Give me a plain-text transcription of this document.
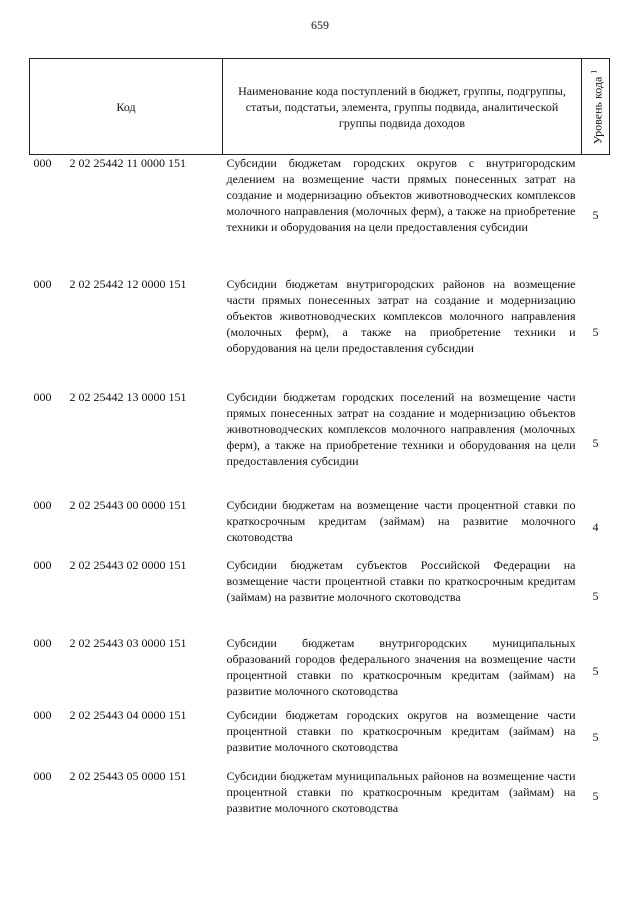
659
Код	Наименование кода поступлений в бюджет, группы, подгруппы, статьи, подстатьи, элемента, группы подвида, аналитической группы подвида доходов	Уровень кода $^1$

000 2 02 25442 11 0000 151	Субсидии бюджетам городских округов с внутригородским делением на возмещение части прямых понесенных затрат на создание и модернизацию объектов животноводческих комплексов молочного направления (молочных ферм), а также на приобретение техники и оборудования на цели предоставления субсидии	5
000 2 02 25442 12 0000 151	Субсидии бюджетам внутригородских районов на возмещение части прямых понесенных затрат на создание и модернизацию объектов животноводческих комплексов молочного направления (молочных ферм), а также на приобретение техники и оборудования на цели предоставления субсидии	5
000 2 02 25442 13 0000 151	Субсидии бюджетам городских поселений на возмещение части прямых понесенных затрат на создание и модернизацию объектов животноводческих комплексов молочного направления (молочных ферм), а также на приобретение техники и оборудования на цели предоставления субсидии	5
000 2 02 25443 00 0000 151	Субсидии бюджетам на возмещение части процентной ставки по краткосрочным кредитам (займам) на развитие молочного скотоводства	4
000 2 02 25443 02 0000 151	Субсидии бюджетам субъектов Российской Федерации на возмещение части процентной ставки по краткосрочным кредитам (займам) на развитие молочного скотоводства	5
000 2 02 25443 03 0000 151	Субсидии бюджетам внутригородских муниципальных образований городов федерального значения на возмещение части процентной ставки по краткосрочным кредитам (займам) на развитие молочного скотоводства	5
000 2 02 25443 04 0000 151	Субсидии бюджетам городских округов на возмещение части процентной ставки по краткосрочным кредитам (займам) на развитие молочного скотоводства	5
000 2 02 25443 05 0000 151	Субсидии бюджетам муниципальных районов на возмещение части процентной ставки по краткосрочным кредитам (займам) на развитие молочного скотоводства	5
